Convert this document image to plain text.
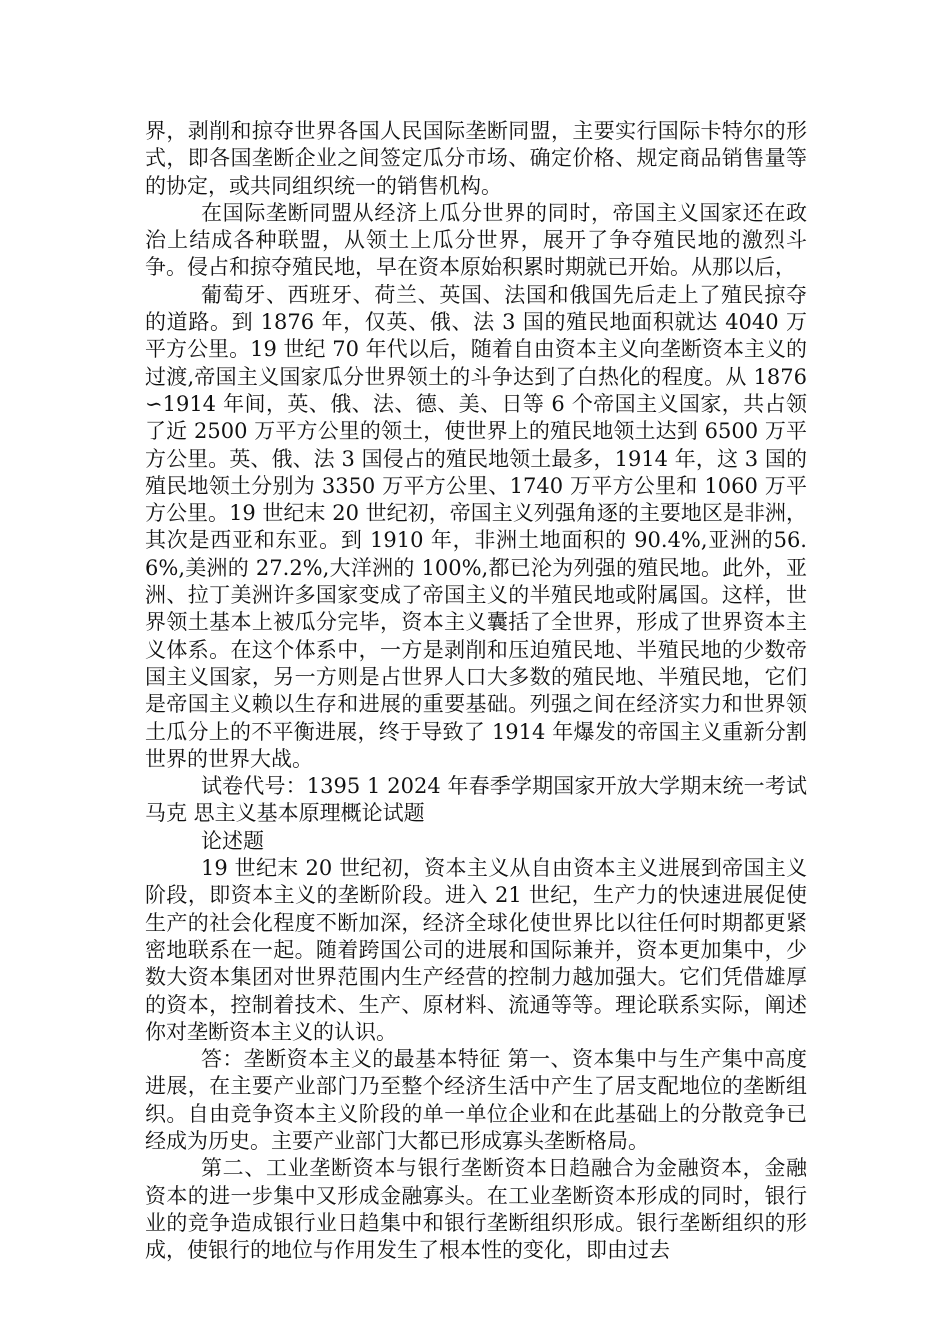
界，剥削和掠夺世界各国人民国际垄断同盟，主要实行国际卡特尔的形式，即各国垄断企业之间签定瓜分市场、确定价格、规定商品销售量等的协定，或共同组织统一的销售机构。

在国际垄断同盟从经济上瓜分世界的同时，帝国主义国家还在政治上结成各种联盟，从领土上瓜分世界，展开了争夺殖民地的激烈斗争。侵占和掠夺殖民地，早在资本原始积累时期就已开始。从那以后，

葡萄牙、西班牙、荷兰、英国、法国和俄国先后走上了殖民掠夺的道路。到 1876 年，仅英、俄、法 3 国的殖民地面积就达 4040 万平方公里。19 世纪 70 年代以后，随着自由资本主义向垄断资本主义的过渡,帝国主义国家瓜分世界领土的斗争达到了白热化的程度。从 1876∽1914 年间，英、俄、法、德、美、日等 6 个帝国主义国家，共占领了近 2500 万平方公里的领土，使世界上的殖民地领土达到 6500 万平方公里。英、俄、法 3 国侵占的殖民地领土最多，1914 年，这 3 国的殖民地领土分别为 3350 万平方公里、1740 万平方公里和 1060 万平方公里。19 世纪末 20 世纪初，帝国主义列强角逐的主要地区是非洲，其次是西亚和东亚。到 1910 年，非洲土地面积的 90.4%,亚洲的56.6%,美洲的 27.2%,大洋洲的 100%,都已沦为列强的殖民地。此外，亚洲、拉丁美洲许多国家变成了帝国主义的半殖民地或附属国。这样，世界领土基本上被瓜分完毕，资本主义囊括了全世界，形成了世界资本主义体系。在这个体系中，一方是剥削和压迫殖民地、半殖民地的少数帝国主义国家，另一方则是占世界人口大多数的殖民地、半殖民地，它们是帝国主义赖以生存和进展的重要基础。列强之间在经济实力和世界领土瓜分上的不平衡进展，终于导致了 1914 年爆发的帝国主义重新分割世界的世界大战。

试卷代号：1395 1 2024 年春季学期国家开放大学期末统一考试马克 思主义基本原理概论试题

论述题

19 世纪末 20 世纪初，资本主义从自由资本主义进展到帝国主义阶段，即资本主义的垄断阶段。进入 21 世纪，生产力的快速进展促使生产的社会化程度不断加深，经济全球化使世界比以往任何时期都更紧密地联系在一起。随着跨国公司的进展和国际兼并，资本更加集中，少数大资本集团对世界范围内生产经营的控制力越加强大。它们凭借雄厚的资本，控制着技术、生产、原材料、流通等等。理论联系实际，阐述你对垄断资本主义的认识。

答：垄断资本主义的最基本特征 第一、资本集中与生产集中高度进展，在主要产业部门乃至整个经济生活中产生了居支配地位的垄断组织。自由竞争资本主义阶段的单一单位企业和在此基础上的分散竞争已经成为历史。主要产业部门大都已形成寡头垄断格局。

第二、工业垄断资本与银行垄断资本日趋融合为金融资本，金融资本的进一步集中又形成金融寡头。在工业垄断资本形成的同时，银行业的竞争造成银行业日趋集中和银行垄断组织形成。银行垄断组织的形成，使银行的地位与作用发生了根本性的变化，即由过去
